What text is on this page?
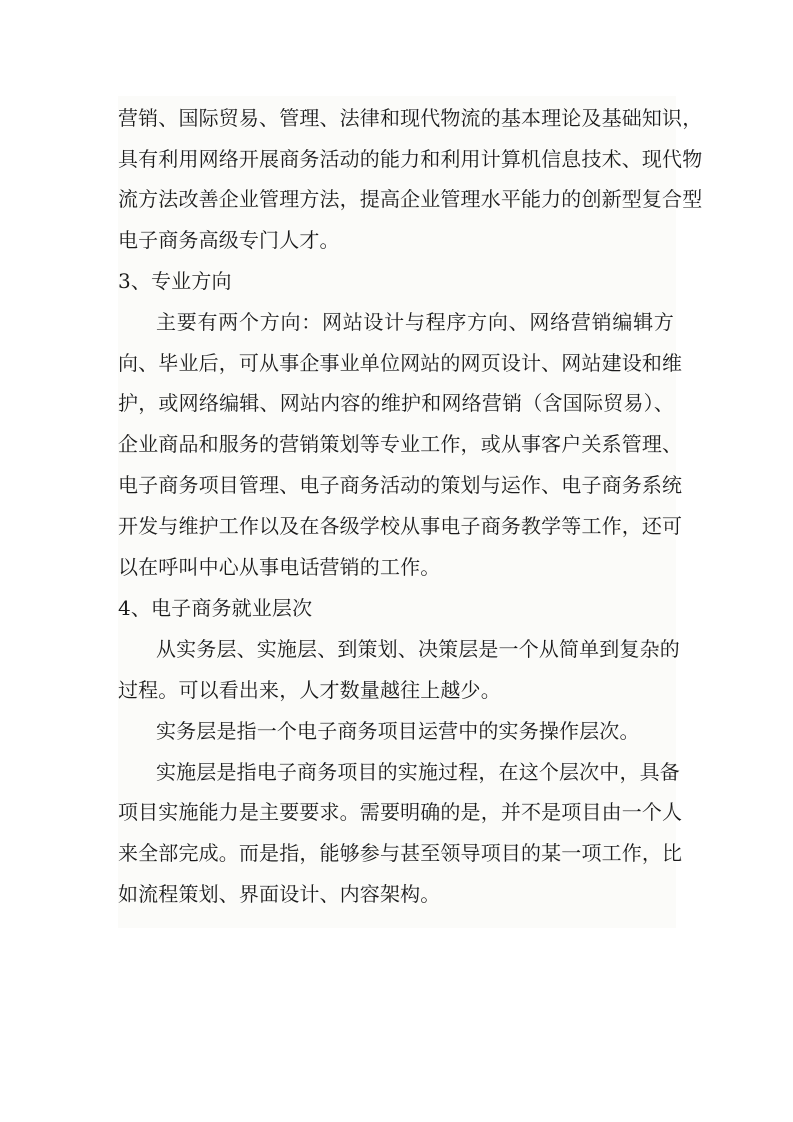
营销、国际贸易、管理、法律和现代物流的基本理论及基础知识，
具有利用网络开展商务活动的能力和利用计算机信息技术、现代物
流方法改善企业管理方法，提高企业管理水平能力的创新型复合型
电子商务高级专门人才。
3、专业方向
主要有两个方向：网站设计与程序方向、网络营销编辑方
向、毕业后，可从事企事业单位网站的网页设计、网站建设和维
护，或网络编辑、网站内容的维护和网络营销（含国际贸易）、
企业商品和服务的营销策划等专业工作，或从事客户关系管理、
电子商务项目管理、电子商务活动的策划与运作、电子商务系统
开发与维护工作以及在各级学校从事电子商务教学等工作，还可
以在呼叫中心从事电话营销的工作。
4、电子商务就业层次
从实务层、实施层、到策划、决策层是一个从简单到复杂的
过程。可以看出来，人才数量越往上越少。
实务层是指一个电子商务项目运营中的实务操作层次。
实施层是指电子商务项目的实施过程，在这个层次中，具备
项目实施能力是主要要求。需要明确的是，并不是项目由一个人
来全部完成。而是指，能够参与甚至领导项目的某一项工作，比
如流程策划、界面设计、内容架构。
